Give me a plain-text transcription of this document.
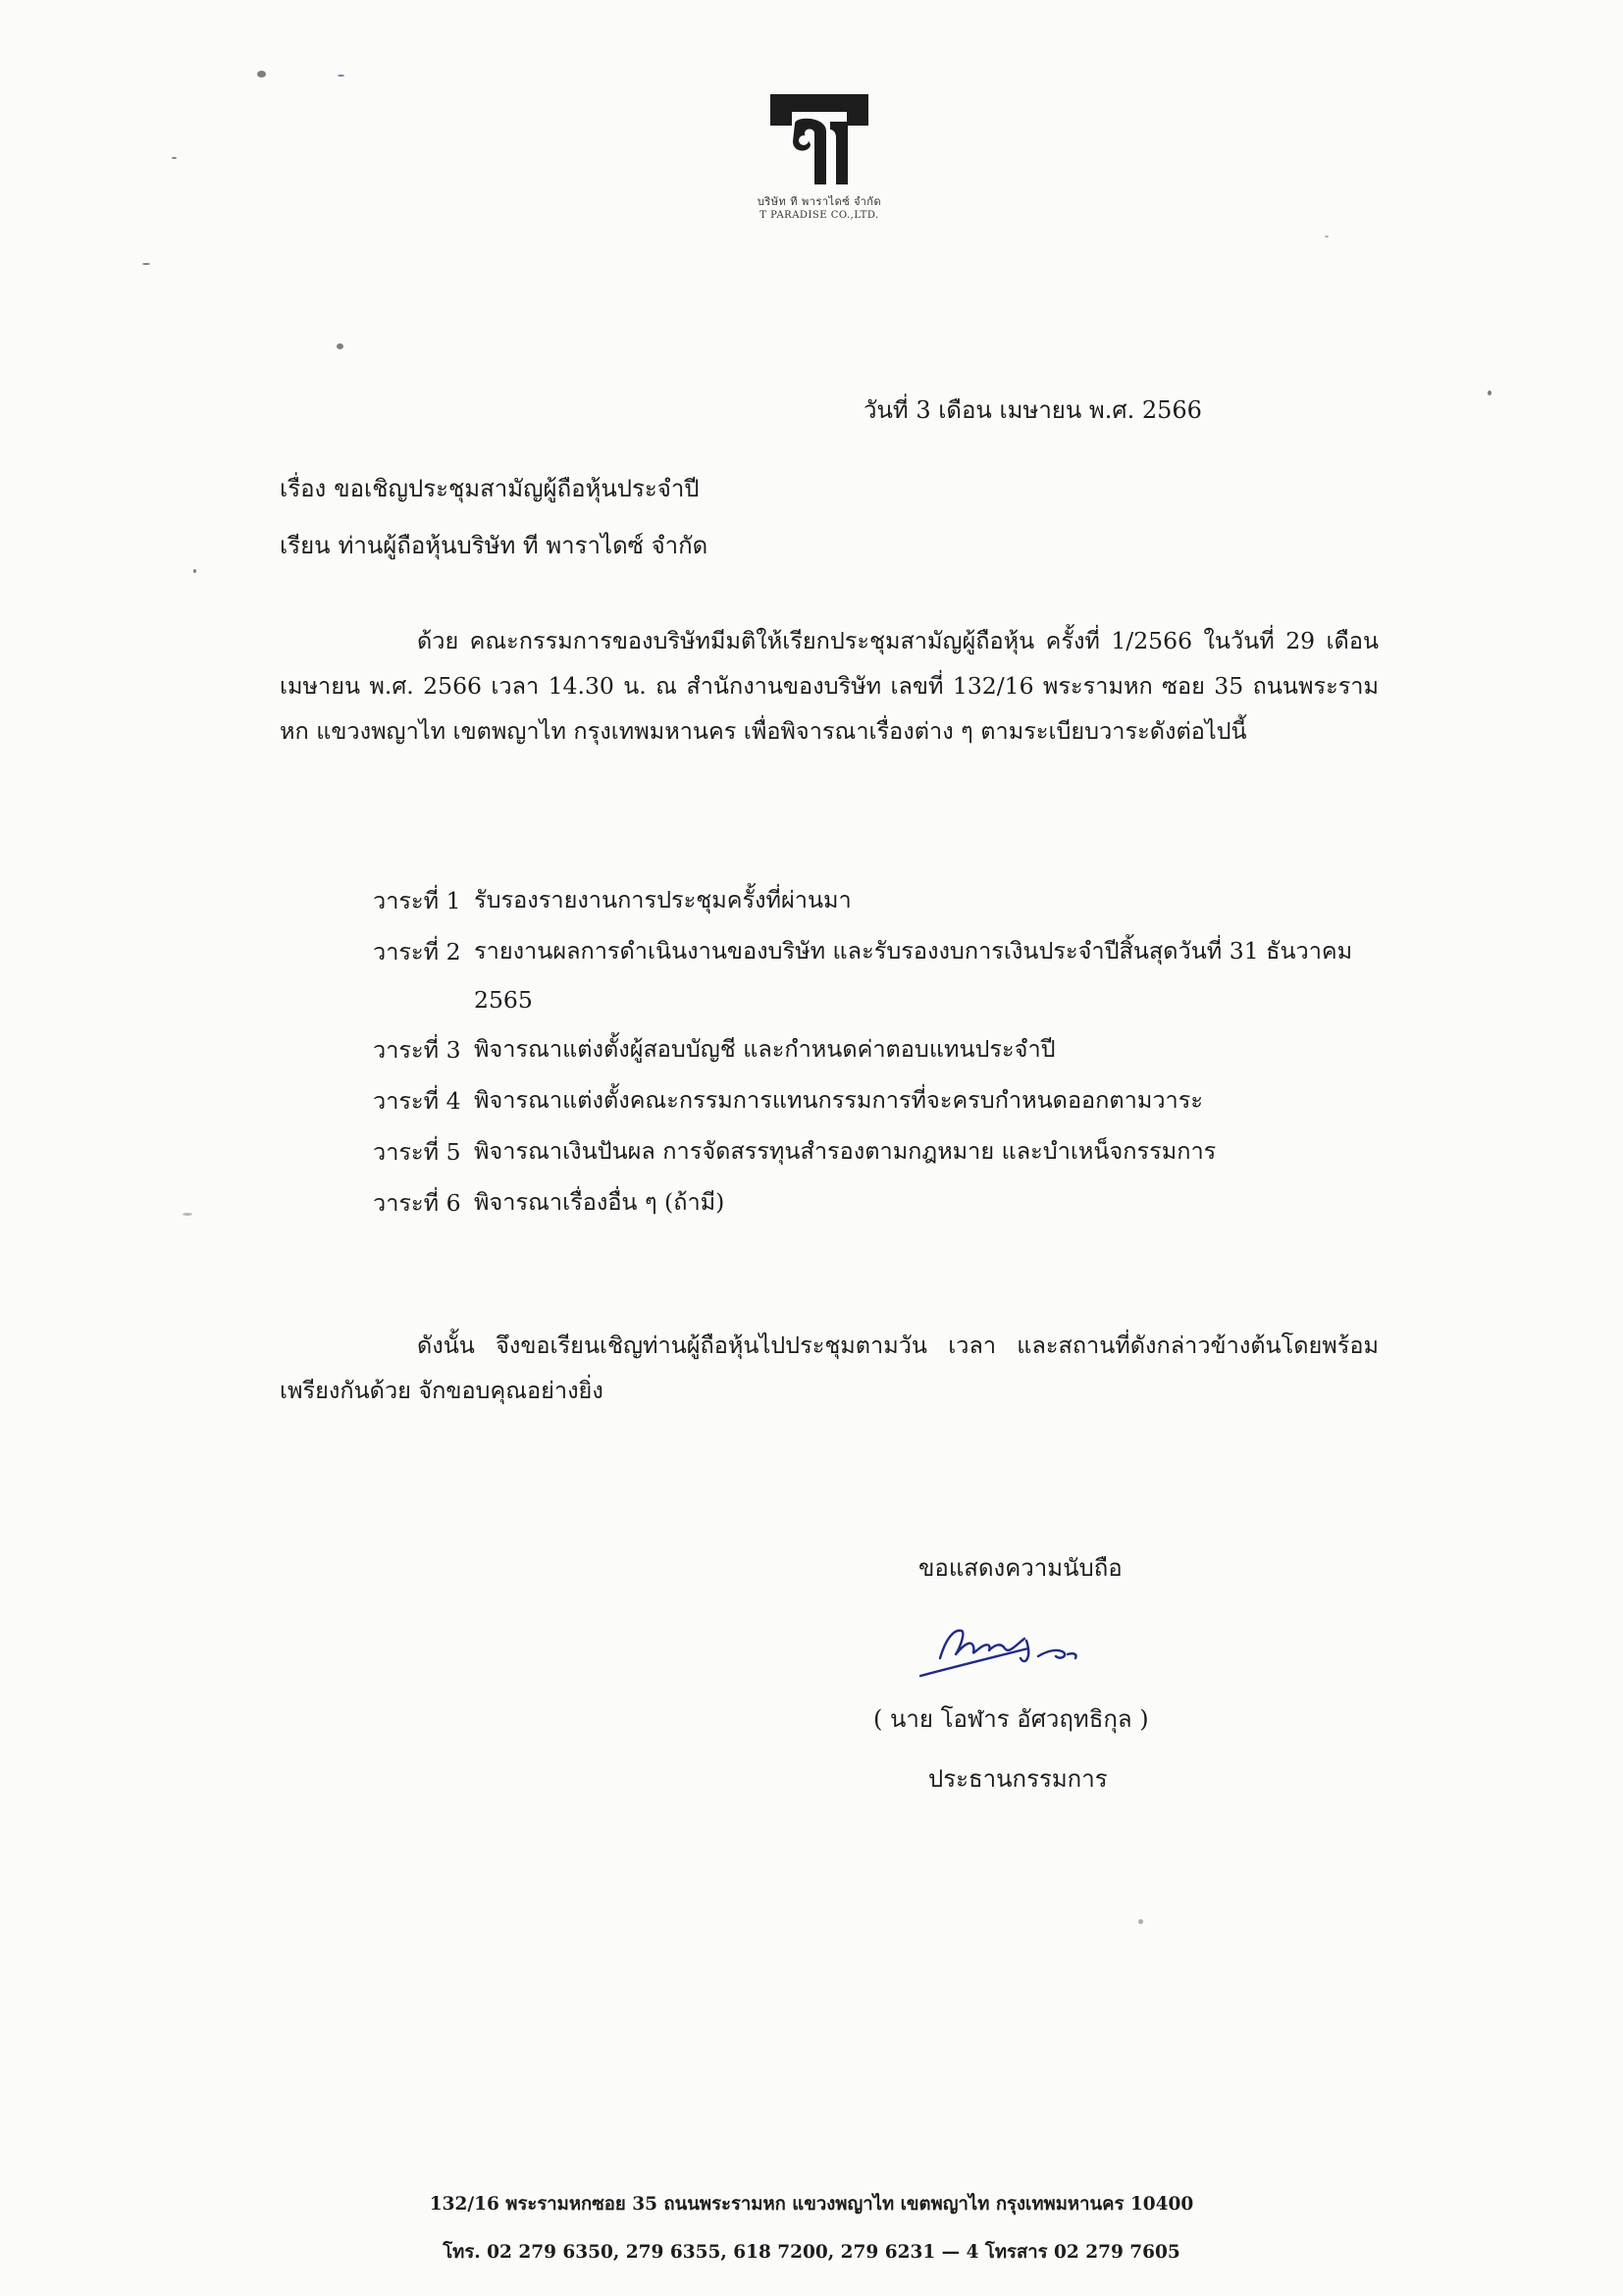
บริษัท ที พาราไดซ์ จำกัด
T PARADISE CO.,LTD.
วันที่ 3 เดือน เมษายน พ.ศ. 2566
เรื่อง ขอเชิญประชุมสามัญผู้ถือหุ้นประจำปี
เรียน ท่านผู้ถือหุ้นบริษัท ที พาราไดซ์ จำกัด
ด้วย คณะกรรมการของบริษัทมีมติให้เรียกประชุมสามัญผู้ถือหุ้น ครั้งที่ 1/2566 ในวันที่ 29 เดือน เมษายน พ.ศ. 2566 เวลา 14.30 น. ณ สำนักงานของบริษัท เลขที่ 132/16 พระรามหก ซอย 35 ถนนพระรามหก แขวงพญาไท เขตพญาไท กรุงเทพมหานคร เพื่อพิจารณาเรื่องต่าง ๆ ตามระเบียบวาระดังต่อไปนี้
วาระที่ 1 รับรองรายงานการประชุมครั้งที่ผ่านมา
วาระที่ 2 รายงานผลการดำเนินงานของบริษัท และรับรองงบการเงินประจำปีสิ้นสุดวันที่ 31 ธันวาคม 2565
วาระที่ 3 พิจารณาแต่งตั้งผู้สอบบัญชี และกำหนดค่าตอบแทนประจำปี
วาระที่ 4 พิจารณาแต่งตั้งคณะกรรมการแทนกรรมการที่จะครบกำหนดออกตามวาระ
วาระที่ 5 พิจารณาเงินปันผล การจัดสรรทุนสำรองตามกฎหมาย และบำเหน็จกรรมการ
วาระที่ 6 พิจารณาเรื่องอื่น ๆ (ถ้ามี)
ดังนั้น จึงขอเรียนเชิญท่านผู้ถือหุ้นไปประชุมตามวัน เวลา และสถานที่ดังกล่าวข้างต้นโดยพร้อมเพรียงกันด้วย จักขอบคุณอย่างยิ่ง
ขอแสดงความนับถือ
( นาย โอฬาร อัศวฤทธิกุล )
ประธานกรรมการ
132/16 พระรามหกซอย 35 ถนนพระรามหก แขวงพญาไท เขตพญาไท กรุงเทพมหานคร 10400
โทร. 02 279 6350, 279 6355, 618 7200, 279 6231 — 4 โทรสาร 02 279 7605
